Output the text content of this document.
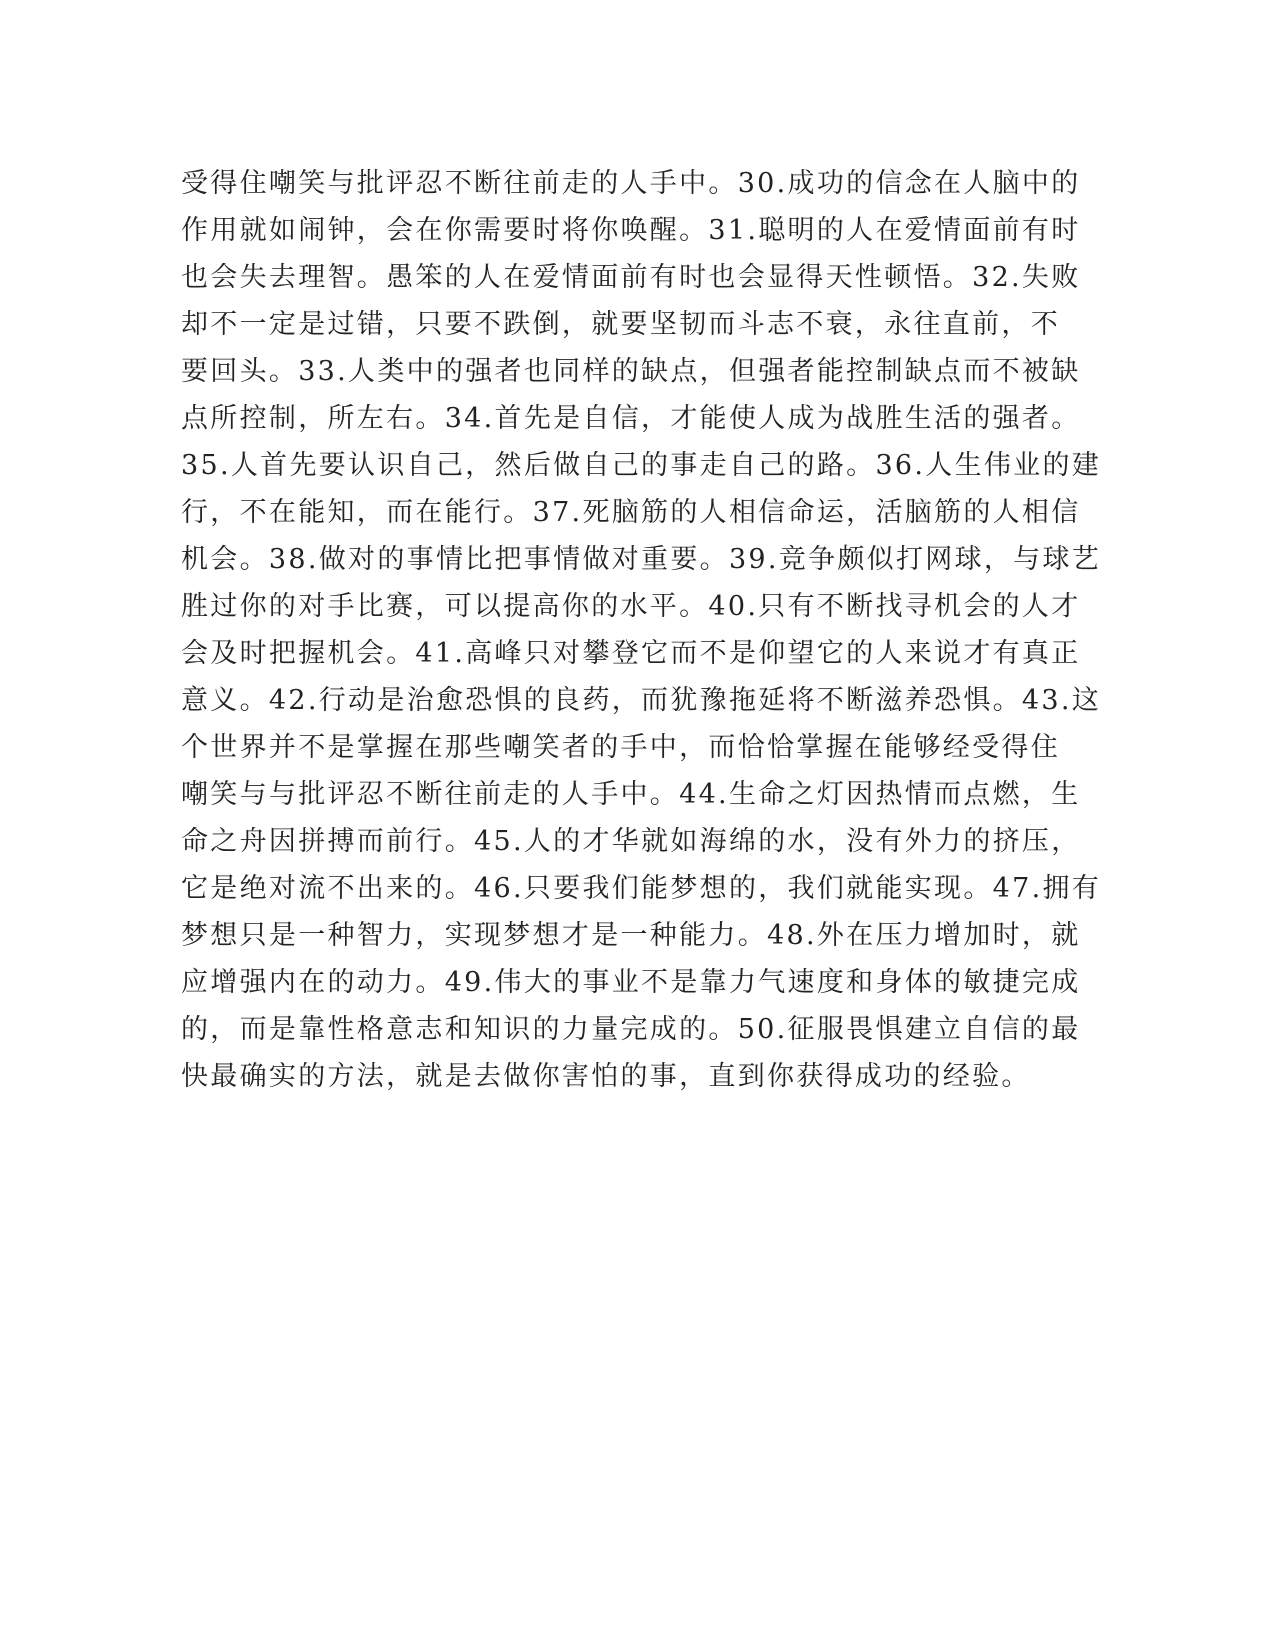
受得住嘲笑与批评忍不断往前走的人手中。30.成功的信念在人脑中的
作用就如闹钟，会在你需要时将你唤醒。31.聪明的人在爱情面前有时
也会失去理智。愚笨的人在爱情面前有时也会显得天性顿悟。32.失败
却不一定是过错，只要不跌倒，就要坚韧而斗志不衰，永往直前，不
要回头。33.人类中的强者也同样的缺点，但强者能控制缺点而不被缺
点所控制，所左右。34.首先是自信，才能使人成为战胜生活的强者。
35.人首先要认识自己，然后做自己的事走自己的路。36.人生伟业的建
行，不在能知，而在能行。37.死脑筋的人相信命运，活脑筋的人相信
机会。38.做对的事情比把事情做对重要。39.竞争颇似打网球，与球艺
胜过你的对手比赛，可以提高你的水平。40.只有不断找寻机会的人才
会及时把握机会。41.高峰只对攀登它而不是仰望它的人来说才有真正
意义。42.行动是治愈恐惧的良药，而犹豫拖延将不断滋养恐惧。43.这
个世界并不是掌握在那些嘲笑者的手中，而恰恰掌握在能够经受得住
嘲笑与与批评忍不断往前走的人手中。44.生命之灯因热情而点燃，生
命之舟因拼搏而前行。45.人的才华就如海绵的水，没有外力的挤压，
它是绝对流不出来的。46.只要我们能梦想的，我们就能实现。47.拥有
梦想只是一种智力，实现梦想才是一种能力。48.外在压力增加时，就
应增强内在的动力。49.伟大的事业不是靠力气速度和身体的敏捷完成
的，而是靠性格意志和知识的力量完成的。50.征服畏惧建立自信的最
快最确实的方法，就是去做你害怕的事，直到你获得成功的经验。
